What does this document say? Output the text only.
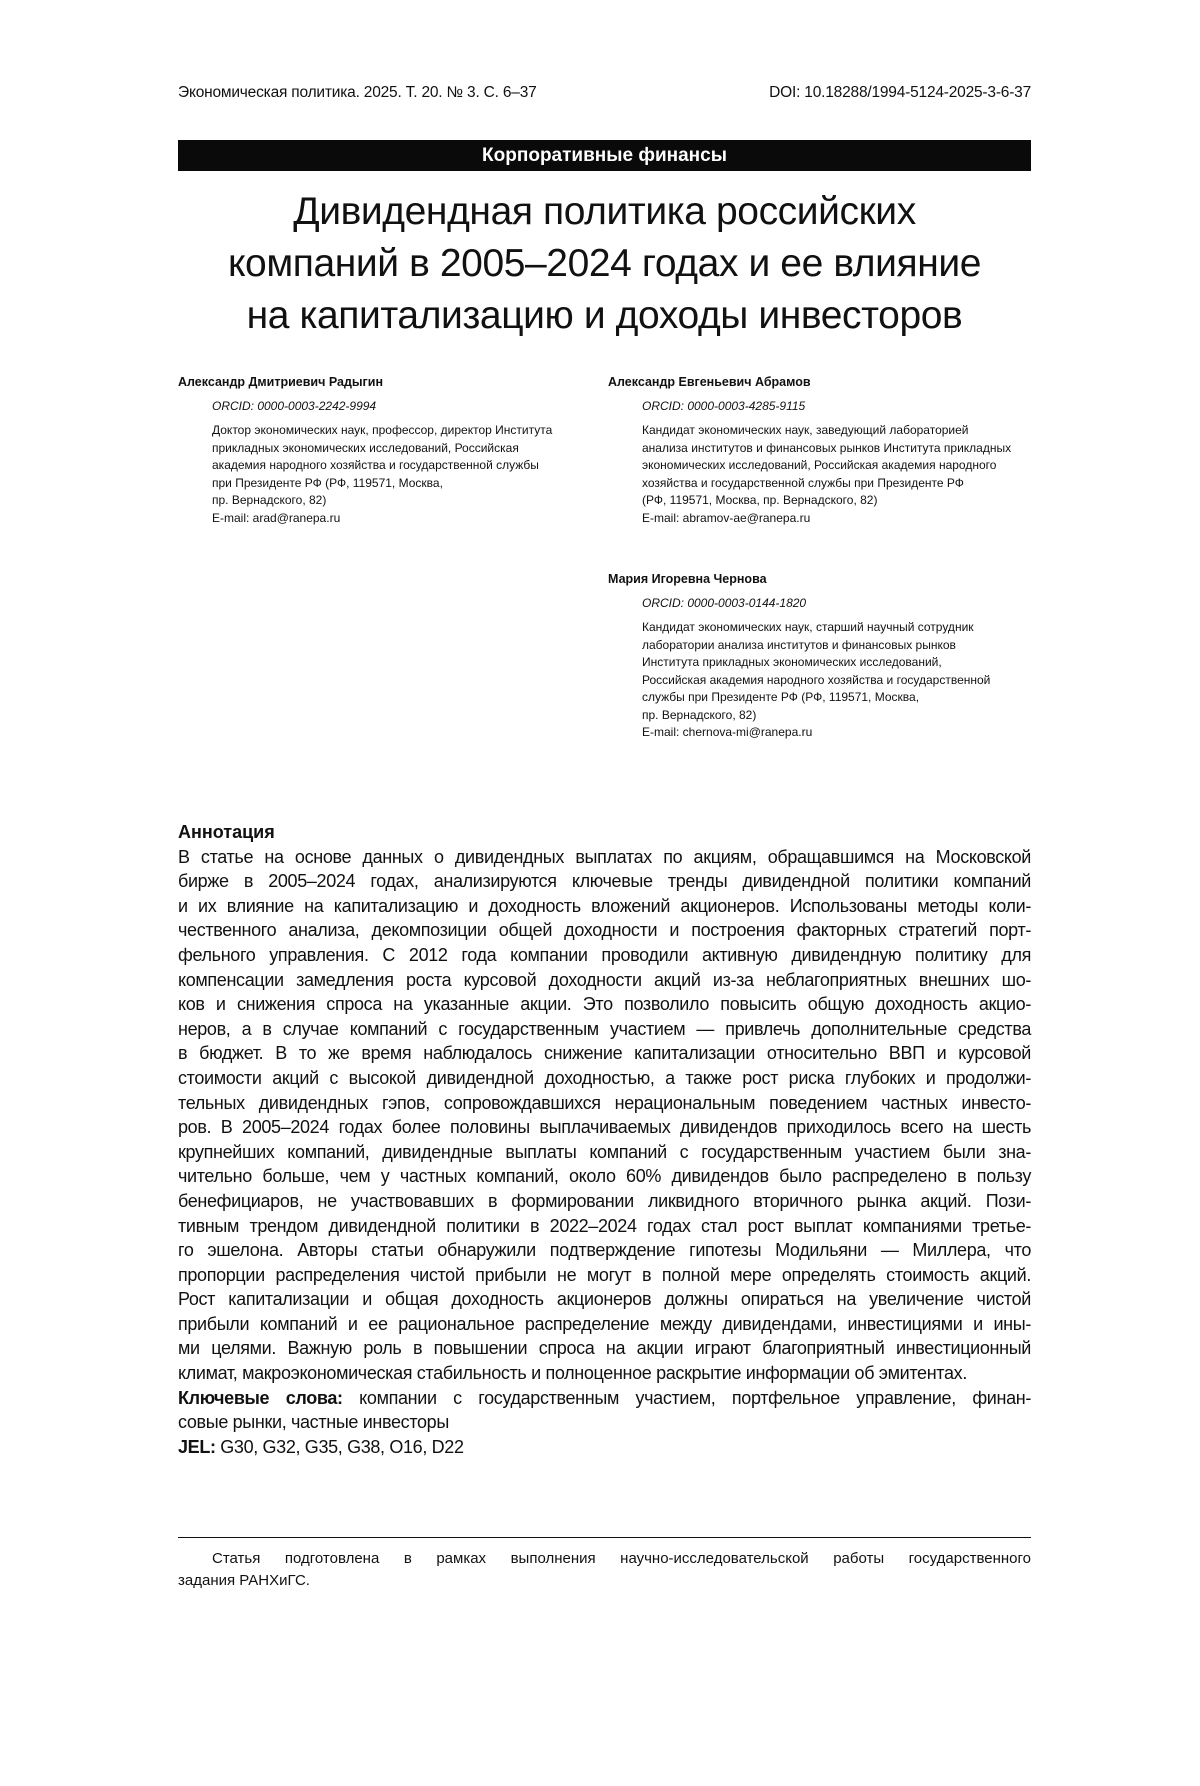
Экономическая политика. 2025. Т. 20. № 3. С. 6–37	DOI: 10.18288/1994-5124-2025-3-6-37
Корпоративные финансы
Дивидендная политика российских
компаний в 2005–2024 годах и ее влияние
на капитализацию и доходы инвесторов
Александр Дмитриевич Радыгин
ORCID: 0000-0003-2242-9994
Доктор экономических наук, профессор, директор Института
прикладных экономических исследований, Российская
академия народного хозяйства и государственной службы
при Президенте РФ (РФ, 119571, Москва,
пр. Вернадского, 82)
E-mail: arad@ranepa.ru
Александр Евгеньевич Абрамов
ORCID: 0000-0003-4285-9115
Кандидат экономических наук, заведующий лабораторией
анализа институтов и финансовых рынков Института прикладных
экономических исследований, Российская академия народного
хозяйства и государственной службы при Президенте РФ
(РФ, 119571, Москва, пр. Вернадского, 82)
E-mail: abramov-ae@ranepa.ru
Мария Игоревна Чернова
ORCID: 0000-0003-0144-1820
Кандидат экономических наук, старший научный сотрудник
лаборатории анализа институтов и финансовых рынков
Института прикладных экономических исследований,
Российская академия народного хозяйства и государственной
службы при Президенте РФ (РФ, 119571, Москва,
пр. Вернадского, 82)
E-mail: chernova-mi@ranepa.ru
Аннотация
В статье на основе данных о дивидендных выплатах по акциям, обращавшимся на Московской
бирже в 2005–2024 годах, анализируются ключевые тренды дивидендной политики компаний
и их влияние на капитализацию и доходность вложений акционеров. Использованы методы коли-
чественного анализа, декомпозиции общей доходности и построения факторных стратегий порт-
фельного управления. С 2012 года компании проводили активную дивидендную политику для
компенсации замедления роста курсовой доходности акций из-за неблагоприятных внешних шо-
ков и снижения спроса на указанные акции. Это позволило повысить общую доходность акцио-
неров, а в случае компаний с государственным участием — привлечь дополнительные средства
в бюджет. В то же время наблюдалось снижение капитализации относительно ВВП и курсовой
стоимости акций с высокой дивидендной доходностью, а также рост риска глубоких и продолжи-
тельных дивидендных гэпов, сопровождавшихся нерациональным поведением частных инвесто-
ров. В 2005–2024 годах более половины выплачиваемых дивидендов приходилось всего на шесть
крупнейших компаний, дивидендные выплаты компаний с государственным участием были зна-
чительно больше, чем у частных компаний, около 60% дивидендов было распределено в пользу
бенефициаров, не участвовавших в формировании ликвидного вторичного рынка акций. Пози-
тивным трендом дивидендной политики в 2022–2024 годах стал рост выплат компаниями третье-
го эшелона. Авторы статьи обнаружили подтверждение гипотезы Модильяни — Миллера, что
пропорции распределения чистой прибыли не могут в полной мере определять стоимость акций.
Рост капитализации и общая доходность акционеров должны опираться на увеличение чистой
прибыли компаний и ее рациональное распределение между дивидендами, инвестициями и ины-
ми целями. Важную роль в повышении спроса на акции играют благоприятный инвестиционный
климат, макроэкономическая стабильность и полноценное раскрытие информации об эмитентах.
Ключевые слова: компании с государственным участием, портфельное управление, финан-
совые рынки, частные инвесторы
JEL: G30, G32, G35, G38, O16, D22
Статья подготовлена в рамках выполнения научно-исследовательской работы государственного
задания РАНХиГС.
